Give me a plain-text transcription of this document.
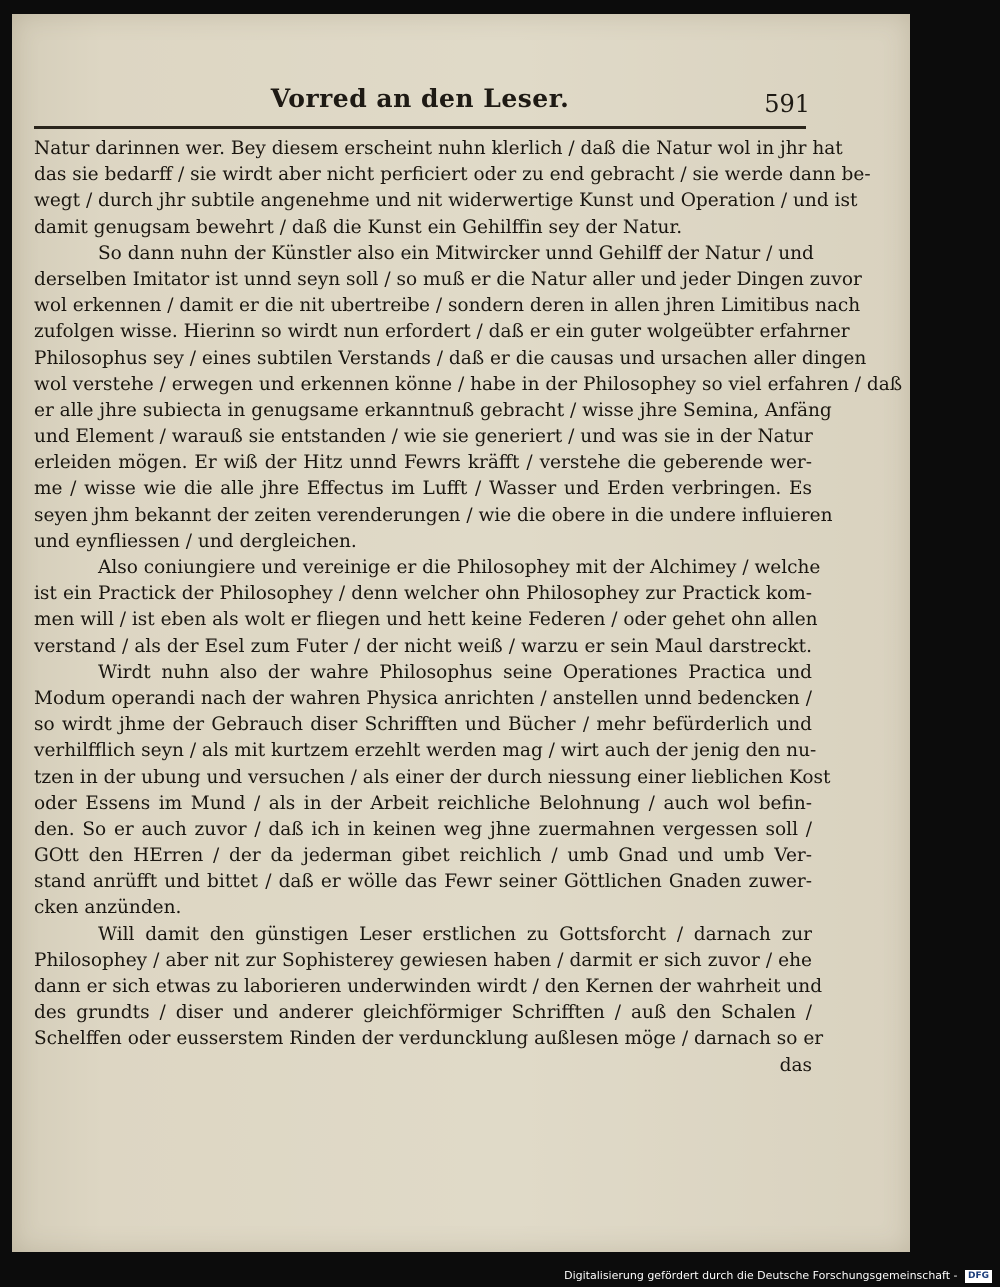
Vorred an den Leser.	591
Natur darinnen wer. Bey diesem erscheint nuhn klerlich / daß die Natur wol in jhr hat
das sie bedarff / sie wirdt aber nicht perficiert oder zu end gebracht / sie werde dann be-
wegt / durch jhr subtile angenehme und nit widerwertige Kunst und Operation / und ist
damit genugsam bewehrt / daß die Kunst ein Gehilffin sey der Natur.
So dann nuhn der Künstler also ein Mitwircker unnd Gehilff der Natur / und
derselben Imitator ist unnd seyn soll / so muß er die Natur aller und jeder Dingen zuvor
wol erkennen / damit er die nit ubertreibe / sondern deren in allen jhren Limitibus nach
zufolgen wisse. Hierinn so wirdt nun erfordert / daß er ein guter wolgeübter erfahrner
Philosophus sey / eines subtilen Verstands / daß er die causas und ursachen aller dingen
wol verstehe / erwegen und erkennen könne / habe in der Philosophey so viel erfahren / daß
er alle jhre subiecta in genugsame erkanntnuß gebracht / wisse jhre Semina, Anfäng
und Element / warauß sie entstanden / wie sie generiert / und was sie in der Natur
erleiden mögen. Er wiß der Hitz unnd Fewrs kräfft / verstehe die geberende wer-
me / wisse wie die alle jhre Effectus im Lufft / Wasser und Erden verbringen. Es
seyen jhm bekannt der zeiten verenderungen / wie die obere in die undere influieren
und eynfliessen / und dergleichen.
Also coniungiere und vereinige er die Philosophey mit der Alchimey / welche
ist ein Practick der Philosophey / denn welcher ohn Philosophey zur Practick kom-
men will / ist eben als wolt er fliegen und hett keine Federen / oder gehet ohn allen
verstand / als der Esel zum Futer / der nicht weiß / warzu er sein Maul darstreckt.
Wirdt nuhn also der wahre Philosophus seine Operationes Practica und
Modum operandi nach der wahren Physica anrichten / anstellen unnd bedencken /
so wirdt jhme der Gebrauch diser Schrifften und Bücher / mehr befürderlich und
verhilfflich seyn / als mit kurtzem erzehlt werden mag / wirt auch der jenig den nu-
tzen in der ubung und versuchen / als einer der durch niessung einer lieblichen Kost
oder Essens im Mund / als in der Arbeit reichliche Belohnung / auch wol befin-
den. So er auch zuvor / daß ich in keinen weg jhne zuermahnen vergessen soll /
GOtt den HErren / der da jederman gibet reichlich / umb Gnad und umb Ver-
stand anrüfft und bittet / daß er wölle das Fewr seiner Göttlichen Gnaden zuwer-
cken anzünden.
Will damit den günstigen Leser erstlichen zu Gottsforcht / darnach zur
Philosophey / aber nit zur Sophisterey gewiesen haben / darmit er sich zuvor / ehe
dann er sich etwas zu laborieren underwinden wirdt / den Kernen der wahrheit und
des grundts / diser und anderer gleichförmiger Schrifften / auß den Schalen /
Schelffen oder eusserstem Rinden der verduncklung außlesen möge / darnach so er
das
Digitalisierung gefördert durch die Deutsche Forschungsgemeinschaft - DFG
